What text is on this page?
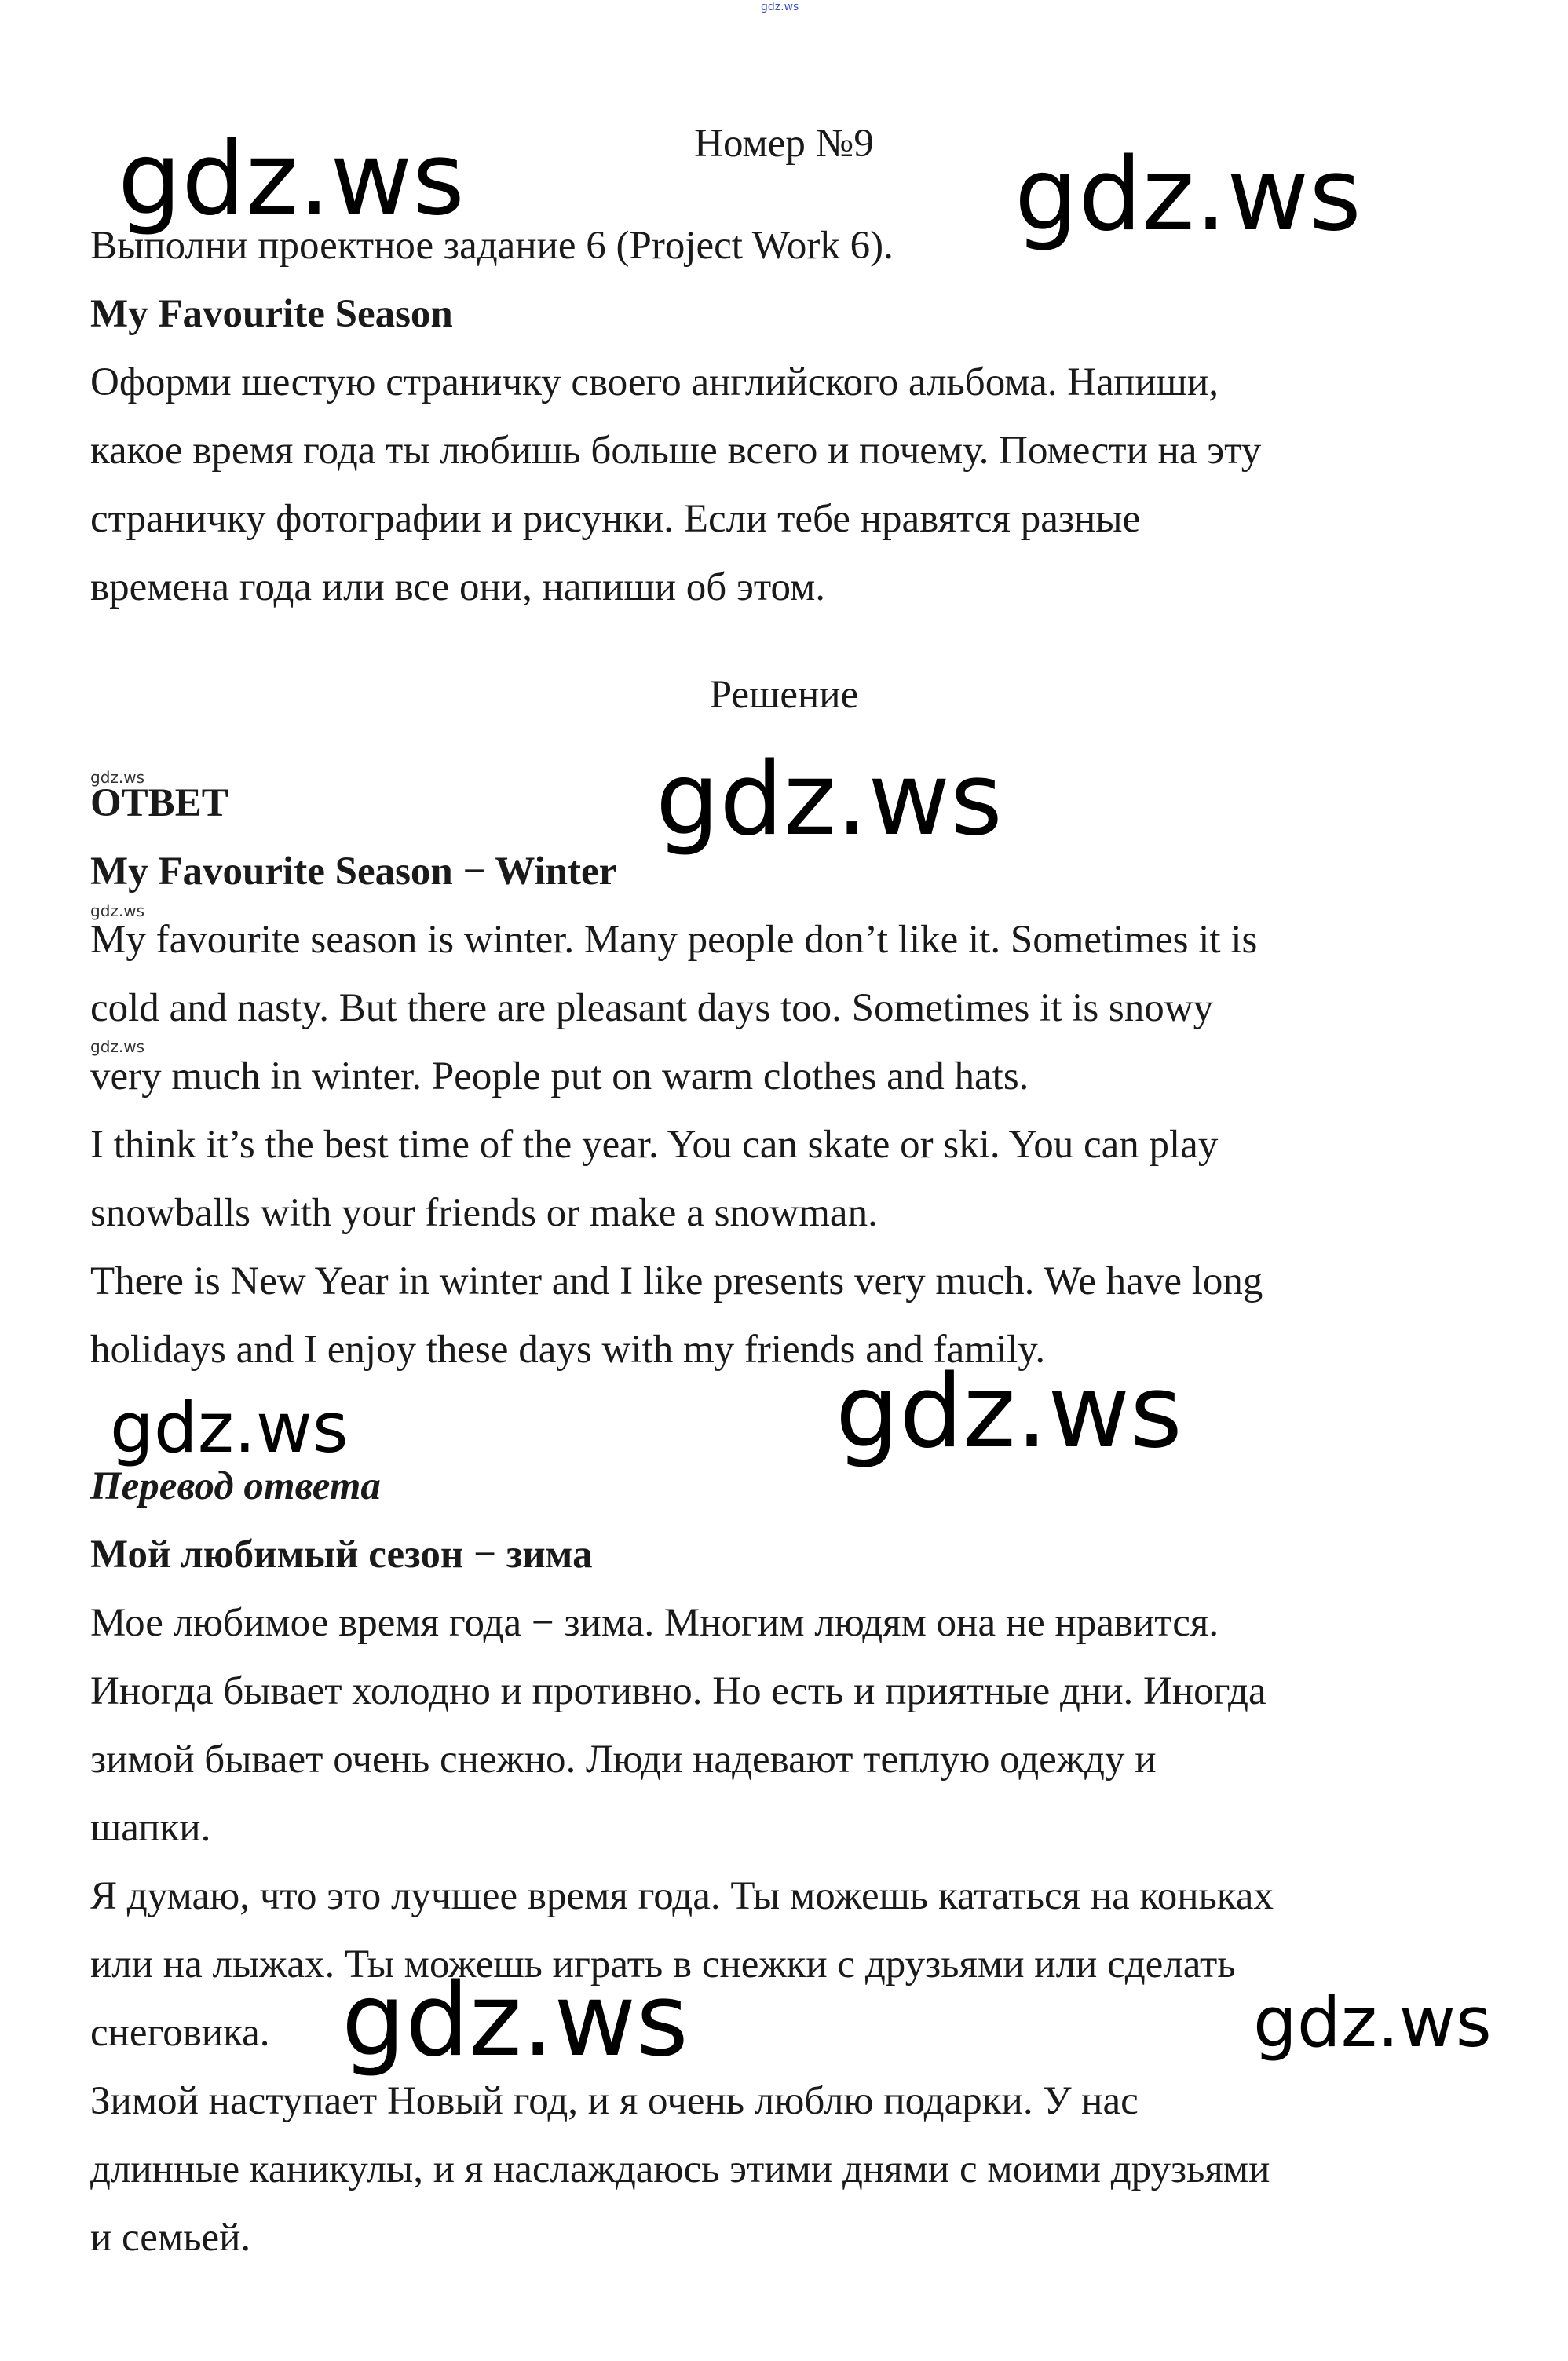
gdz.ws
Номер №9
Выполни проектное задание 6 (Project Work 6).
My Favourite Season
Оформи шестую страничку своего английского альбома. Напиши,
какое время года ты любишь больше всего и почему. Помести на эту
страничку фотографии и рисунки. Если тебе нравятся разные
времена года или все они, напиши об этом.
Решение
ОТВЕТ
My Favourite Season − Winter
My favourite season is winter. Many people don’t like it. Sometimes it is
cold and nasty. But there are pleasant days too. Sometimes it is snowy
very much in winter. People put on warm clothes and hats.
I think it’s the best time of the year. You can skate or ski. You can play
snowballs with your friends or make a snowman.
There is New Year in winter and I like presents very much. We have long
holidays and I enjoy these days with my friends and family.
Перевод ответа
Мой любимый сезон − зима
Мое любимое время года − зима. Многим людям она не нравится.
Иногда бывает холодно и противно. Но есть и приятные дни. Иногда
зимой бывает очень снежно. Люди надевают теплую одежду и
шапки.
Я думаю, что это лучшее время года. Ты можешь кататься на коньках
или на лыжах. Ты можешь играть в снежки с друзьями или сделать
снеговика.
Зимой наступает Новый год, и я очень люблю подарки. У нас
длинные каникулы, и я наслаждаюсь этими днями с моими друзьями
и семьей.
gdz.ws	gdz.ws
gdz.ws
gdz.ws
gdz.ws
gdz.ws	gdz.ws
gdz.ws
gdz.ws
gdz.ws
